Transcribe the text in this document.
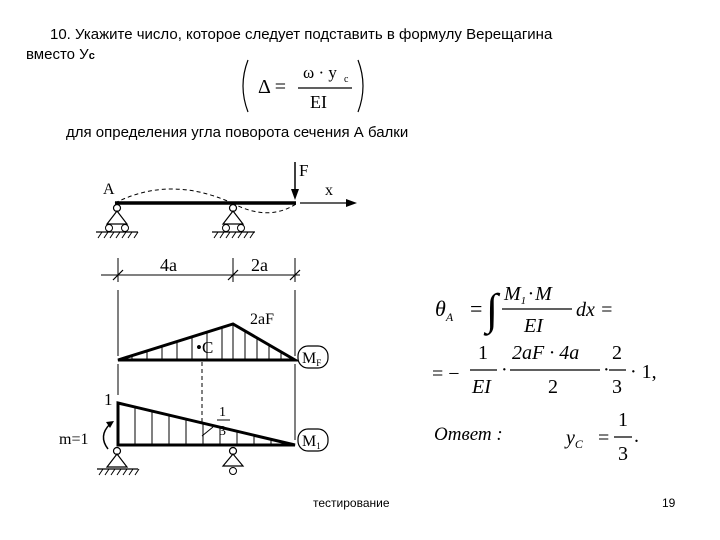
10. Укажите число, которое следует подставить в формулу Верещагина
вместо Ус
для определения угла поворота сечения А балки
Δ =
ω · y c
EI
A
F
x
4a	2a
2aF
•C
MF
1
1
3
M1
m=1
$\theta_A$ = ∫ $M_1 \cdot M$
EI
dx =
= −
1
EI
·
2aF · 4a
2
·
2
3
· 1,
Ответ :	$y_C$ =
1
3
.
тестирование	19
